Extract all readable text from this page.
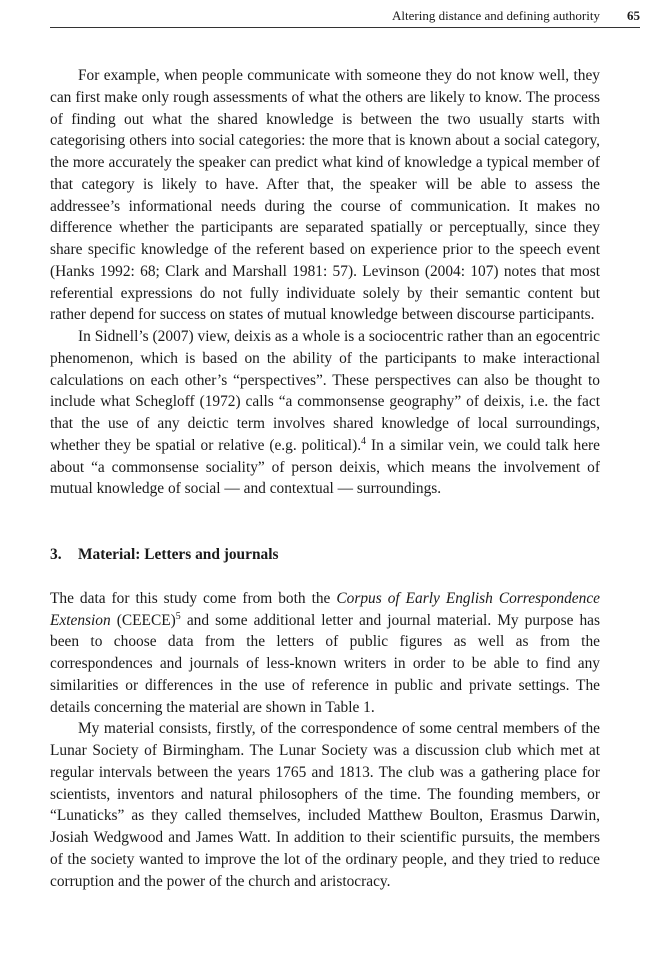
Altering distance and defining authority 65

For example, when people communicate with someone they do not know well, they can first make only rough assessments of what the others are likely to know. The process of finding out what the shared knowledge is between the two usually starts with categorising others into social categories: the more that is known about a social category, the more accurately the speaker can predict what kind of knowledge a typical member of that category is likely to have. After that, the speaker will be able to assess the addressee’s informational needs during the course of communication. It makes no difference whether the participants are separated spatially or perceptually, since they share specific knowledge of the referent based on experience prior to the speech event (Hanks 1992: 68; Clark and Marshall 1981: 57). Levinson (2004: 107) notes that most referential expressions do not fully individuate solely by their semantic content but rather depend for success on states of mutual knowledge between discourse participants.

In Sidnell’s (2007) view, deixis as a whole is a sociocentric rather than an egocentric phenomenon, which is based on the ability of the participants to make interactional calculations on each other’s “perspectives”. These perspectives can also be thought to include what Schegloff (1972) calls “a commonsense geography” of deixis, i.e. the fact that the use of any deictic term involves shared knowledge of local surroundings, whether they be spatial or relative (e.g. political).$^4$ In a similar vein, we could talk here about “a commonsense sociality” of person deixis, which means the involvement of mutual knowledge of social — and contextual — surroundings.

3. Material: Letters and journals

The data for this study come from both the Corpus of Early English Correspondence Extension (CEECE)$^5$ and some additional letter and journal material. My purpose has been to choose data from the letters of public figures as well as from the correspondences and journals of less-known writers in order to be able to find any similarities or differences in the use of reference in public and private settings. The details concerning the material are shown in Table 1.

My material consists, firstly, of the correspondence of some central members of the Lunar Society of Birmingham. The Lunar Society was a discussion club which met at regular intervals between the years 1765 and 1813. The club was a gathering place for scientists, inventors and natural philosophers of the time. The founding members, or “Lunaticks” as they called themselves, included Matthew Boulton, Erasmus Darwin, Josiah Wedgwood and James Watt. In addition to their scientific pursuits, the members of the society wanted to improve the lot of the ordinary people, and they tried to reduce corruption and the power of the church and aristocracy.
